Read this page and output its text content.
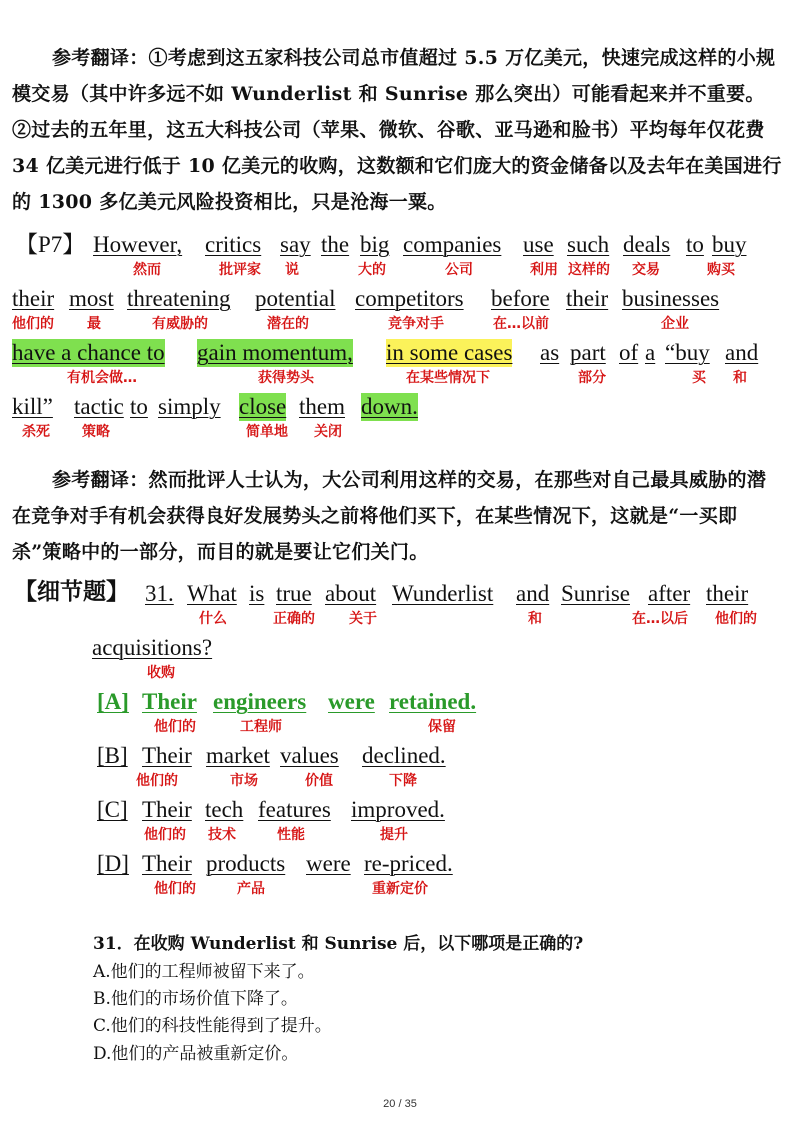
参考翻译：①考虑到这五家科技公司总市值超过 5.5 万亿美元，快速完成这样的小规模交易（其中许多远不如 Wunderlist 和 Sunrise 那么突出）可能看起来并不重要。②过去的五年里，这五大科技公司（苹果、微软、谷歌、亚马逊和脸书）平均每年仅花费 34 亿美元进行低于 10 亿美元的收购，这数额和它们庞大的资金储备以及去年在美国进行的 1300 多亿美元风险投资相比，只是沧海一粟。
【P7】 However,
然而
critics
批评家
say
说
the big
大的
companies
公司
use
利用
such
这样的
deals
交易
to buy
购买
their
他们的
most
最
threatening
有威胁的
potential
潜在的
competitors
竞争对手
before
在…以前
their businesses
企业
have a chance to
有机会做…
gain momentum,
获得势头
in some cases
在某些情况下
as part
部分
of a “buy
买
and
和
kill”
杀死
tactic
策略
to simply
简单地
close
关闭
them down.
参考翻译：然而批评人士认为，大公司利用这样的交易，在那些对自己最具威胁的潜在竞争对手有机会获得良好发展势头之前将他们买下，在某些情况下，这就是“一买即杀”策略中的一部分，而目的就是要让它们关门。
【细节题】 31. What
什么
is true
正确的
about
关于
Wunderlist and
和
Sunrise after
在…以后
their
他们的
acquisitions?
收购
[A] Their
他们的
engineers
工程师
were retained.
保留
[B] Their
他们的
market
市场
values
价值
declined.
下降
[C] Their
他们的
tech
技术
features
性能
improved.
提升
[D] Their
他们的
products
产品
were re-priced.
重新定价
31．在收购 Wunderlist 和 Sunrise 后，以下哪项是正确的?
A.他们的工程师被留下来了。
B.他们的市场价值下降了。
C.他们的科技性能得到了提升。
D.他们的产品被重新定价。
20 / 35
